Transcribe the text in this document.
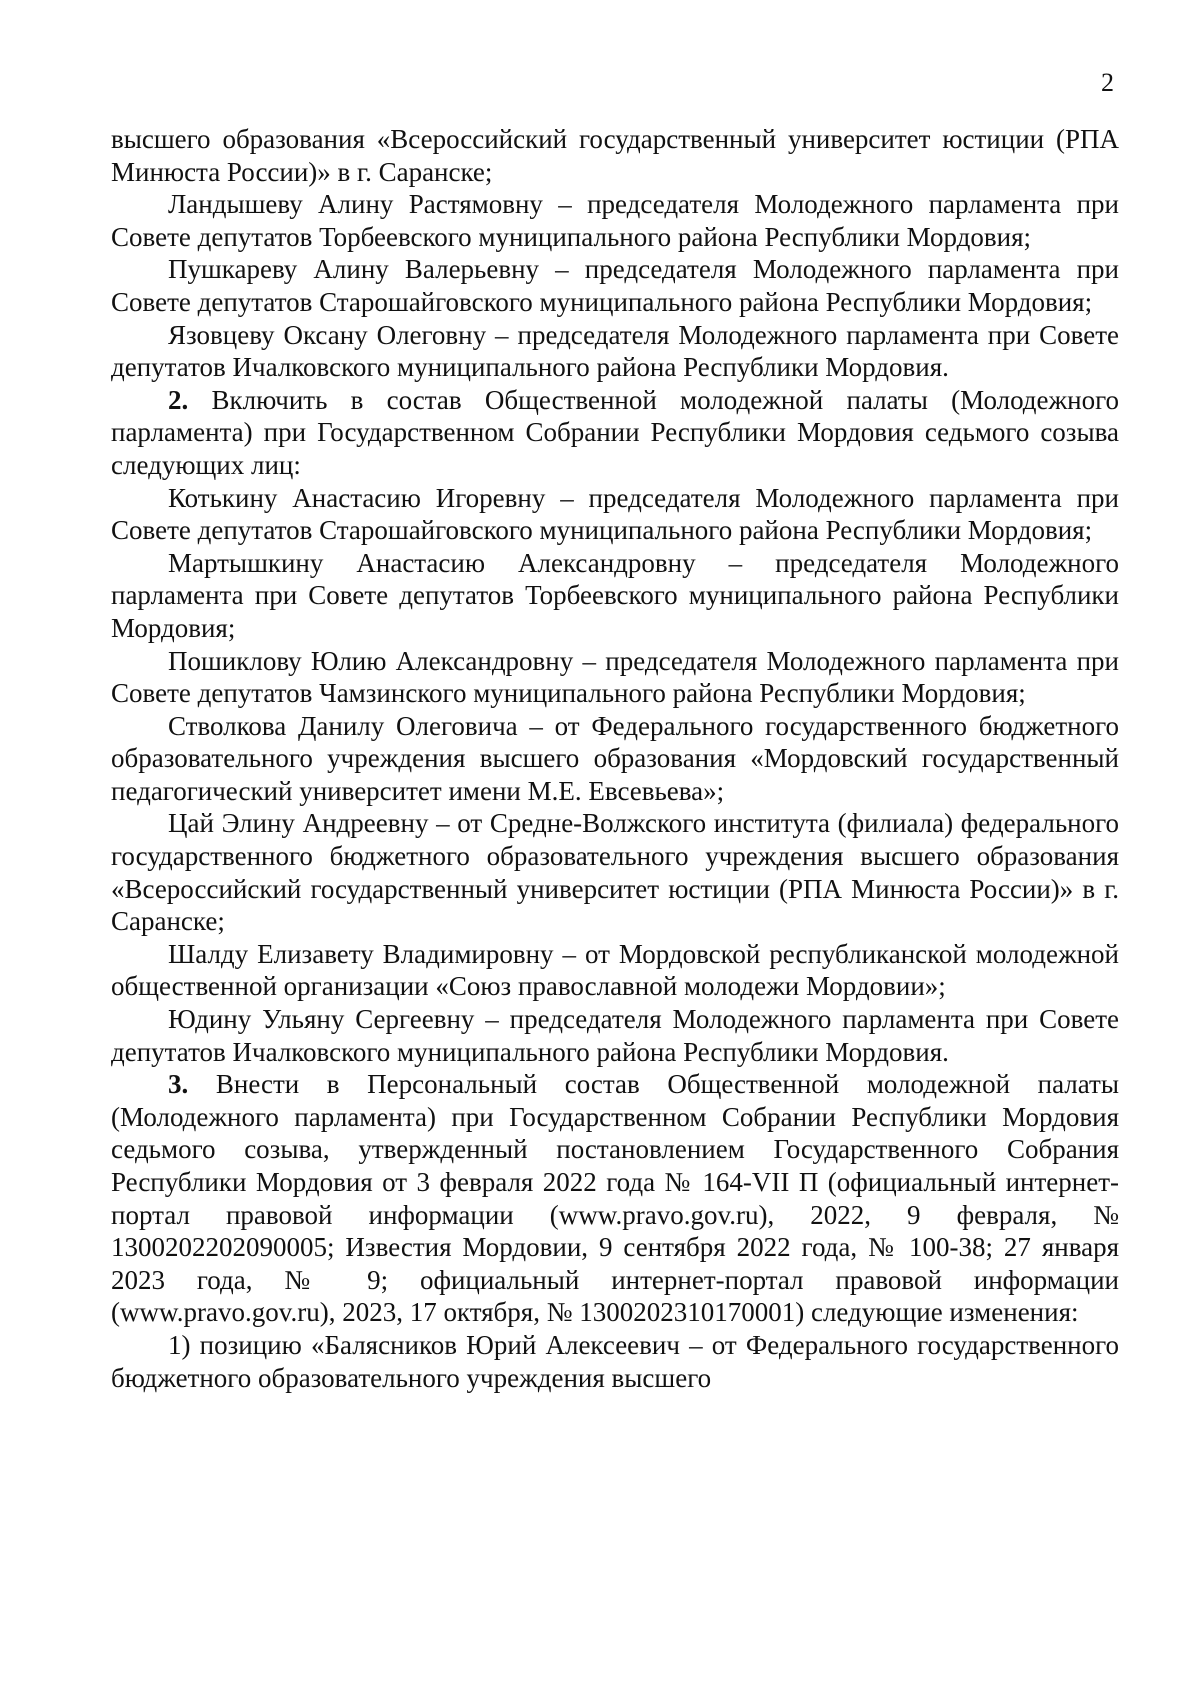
2

высшего образования «Всероссийский государственный университет юстиции (РПА Минюста России)» в г. Саранске;

Ландышеву Алину Растямовну – председателя Молодежного парламента при Совете депутатов Торбеевского муниципального района Республики Мордовия;

Пушкареву Алину Валерьевну – председателя Молодежного парламента при Совете депутатов Старошайговского муниципального района Республики Мордовия;

Язовцеву Оксану Олеговну – председателя Молодежного парламента при Совете депутатов Ичалковского муниципального района Республики Мордовия.

2. Включить в состав Общественной молодежной палаты (Молодежного парламента) при Государственном Собрании Республики Мордовия седьмого созыва следующих лиц:

Котькину Анастасию Игоревну – председателя Молодежного парламента при Совете депутатов Старошайговского муниципального района Республики Мордовия;

Мартышкину Анастасию Александровну – председателя Молодежного парламента при Совете депутатов Торбеевского муниципального района Республики Мордовия;

Пошиклову Юлию Александровну – председателя Молодежного парламента при Совете депутатов Чамзинского муниципального района Республики Мордовия;

Стволкова Данилу Олеговича – от Федерального государственного бюджетного образовательного учреждения высшего образования «Мордовский государственный педагогический университет имени М.Е. Евсевьева»;

Цай Элину Андреевну – от Средне-Волжского института (филиала) федерального государственного бюджетного образовательного учреждения высшего образования «Всероссийский государственный университет юстиции (РПА Минюста России)» в г. Саранске;

Шалду Елизавету Владимировну – от Мордовской республиканской молодежной общественной организации «Союз православной молодежи Мордовии»;

Юдину Ульяну Сергеевну – председателя Молодежного парламента при Совете депутатов Ичалковского муниципального района Республики Мордовия.

3. Внести в Персональный состав Общественной молодежной палаты (Молодежного парламента) при Государственном Собрании Республики Мордовия седьмого созыва, утвержденный постановлением Государственного Собрания Республики Мордовия от 3 февраля 2022 года № 164-VII П (официальный интернет-портал правовой информации (www.pravo.gov.ru), 2022, 9 февраля, № 1300202202090005; Известия Мордовии, 9 сентября 2022 года, № 100-38; 27 января 2023 года, № 9; официальный интернет-портал правовой информации (www.pravo.gov.ru), 2023, 17 октября, № 1300202310170001) следующие изменения:

1) позицию «Балясников Юрий Алексеевич – от Федерального государственного бюджетного образовательного учреждения высшего
